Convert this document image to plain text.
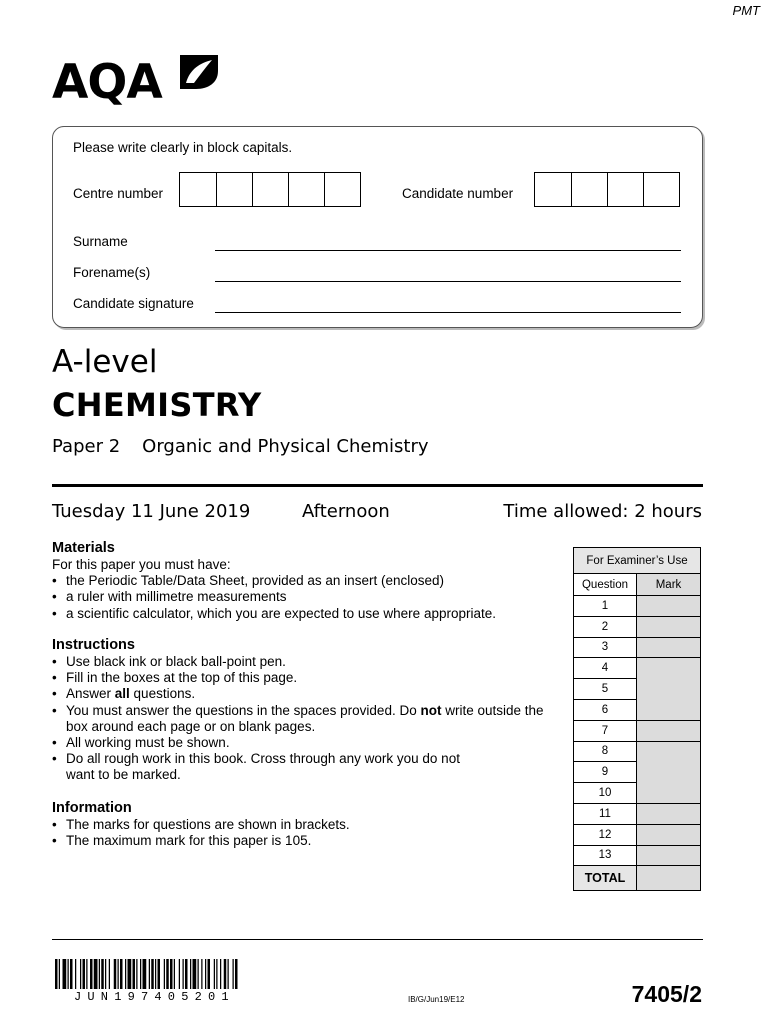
PMT
AQA
Please write clearly in block capitals.
Centre number	Candidate number
Surname
Forename(s)
Candidate signature
A-level
CHEMISTRY
Paper 2 Organic and Physical Chemistry
Tuesday 11 June 2019	Afternoon	Time allowed: 2 hours
Materials
For this paper you must have:
• the Periodic Table/Data Sheet, provided as an insert (enclosed)
• a ruler with millimetre measurements
• a scientific calculator, which you are expected to use where appropriate.
Instructions
• Use black ink or black ball-point pen.
• Fill in the boxes at the top of this page.
• Answer all questions.
• You must answer the questions in the spaces provided. Do not write outside the box around each page or on blank pages.
• All working must be shown.
• Do all rough work in this book. Cross through any work you do not want to be marked.
Information
• The marks for questions are shown in brackets.
• The maximum mark for this paper is 105.
For Examiner’s Use	
Question	Mark
1	
2	
3	
4	
5	
6	
7	
8	
9	
10	
11	
12	
13	
TOTAL	
JUN197405201	IB/G/Jun19/E12	7405/2
